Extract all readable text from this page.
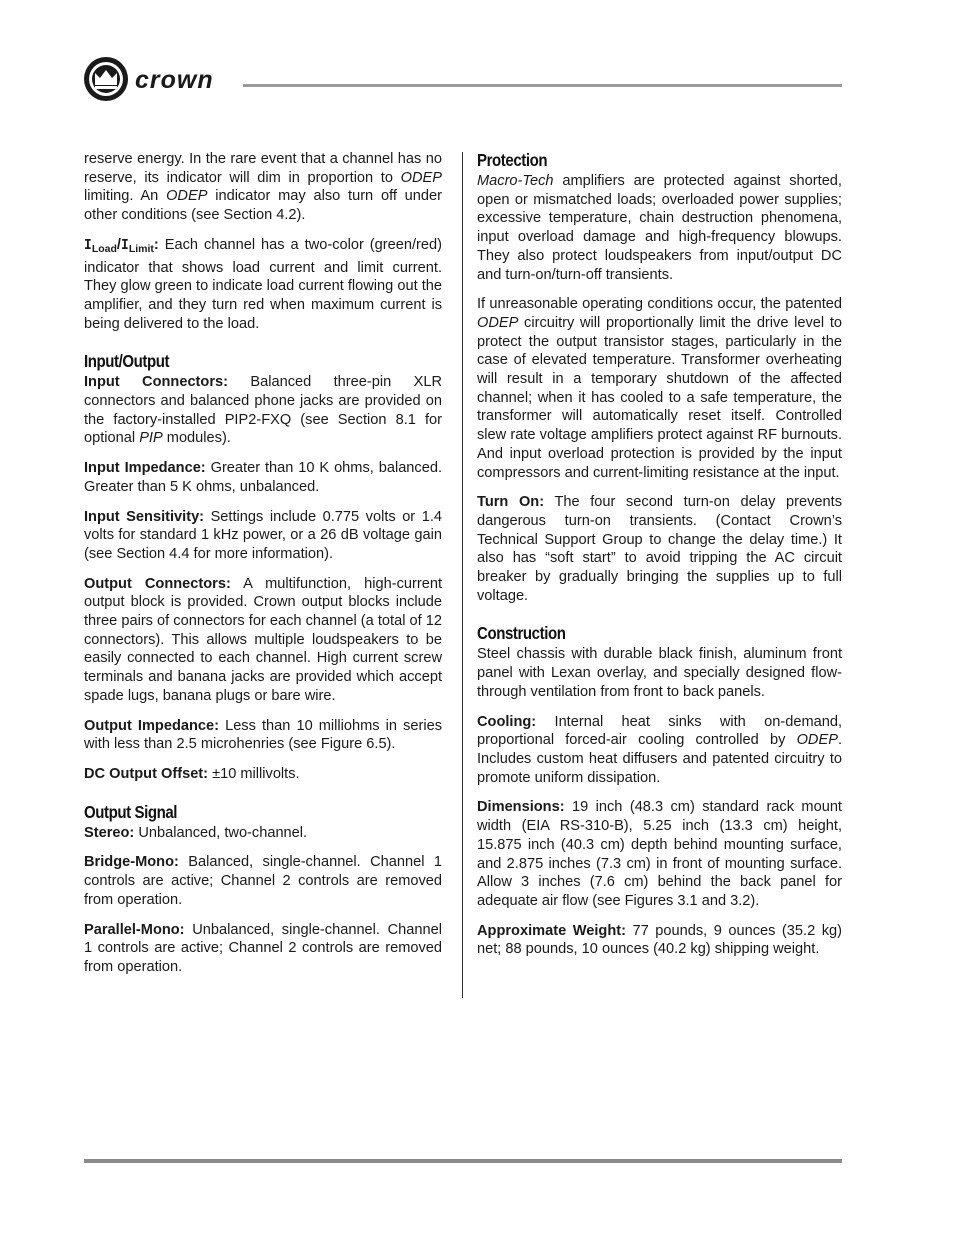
crown

reserve energy. In the rare event that a channel has no reserve, its indicator will dim in proportion to ODEP limiting. An ODEP indicator may also turn off under other conditions (see Section 4.2).

$I_{Load}/I_{Limit}$: Each channel has a two-color (green/red) indicator that shows load current and limit current. They glow green to indicate load current flowing out the amplifier, and they turn red when maximum current is being delivered to the load.

Input/Output

Input Connectors: Balanced three-pin XLR connectors and balanced phone jacks are provided on the factory-installed PIP2-FXQ (see Section 8.1 for optional PIP modules).

Input Impedance: Greater than 10 K ohms, balanced. Greater than 5 K ohms, unbalanced.

Input Sensitivity: Settings include 0.775 volts or 1.4 volts for standard 1 kHz power, or a 26 dB voltage gain (see Section 4.4 for more information).

Output Connectors: A multifunction, high-current output block is provided. Crown output blocks include three pairs of connectors for each channel (a total of 12 connectors). This allows multiple loudspeakers to be easily connected to each channel. High current screw terminals and banana jacks are provided which accept spade lugs, banana plugs or bare wire.

Output Impedance: Less than 10 milliohms in series with less than 2.5 microhenries (see Figure 6.5).

DC Output Offset: ±10 millivolts.

Output Signal

Stereo: Unbalanced, two-channel.

Bridge-Mono: Balanced, single-channel. Channel 1 controls are active; Channel 2 controls are removed from operation.

Parallel-Mono: Unbalanced, single-channel. Channel 1 controls are active; Channel 2 controls are removed from operation.

Protection

Macro-Tech amplifiers are protected against shorted, open or mismatched loads; overloaded power supplies; excessive temperature, chain destruction phenomena, input overload damage and high-frequency blowups. They also protect loudspeakers from input/output DC and turn-on/turn-off transients.

If unreasonable operating conditions occur, the patented ODEP circuitry will proportionally limit the drive level to protect the output transistor stages, particularly in the case of elevated temperature. Transformer overheating will result in a temporary shutdown of the affected channel; when it has cooled to a safe temperature, the transformer will automatically reset itself. Controlled slew rate voltage amplifiers protect against RF burnouts. And input overload protection is provided by the input compressors and current-limiting resistance at the input.

Turn On: The four second turn-on delay prevents dangerous turn-on transients. (Contact Crown’s Technical Support Group to change the delay time.) It also has “soft start” to avoid tripping the AC circuit breaker by gradually bringing the supplies up to full voltage.

Construction

Steel chassis with durable black finish, aluminum front panel with Lexan overlay, and specially designed flow-through ventilation from front to back panels.

Cooling: Internal heat sinks with on-demand, proportional forced-air cooling controlled by ODEP. Includes custom heat diffusers and patented circuitry to promote uniform dissipation.

Dimensions: 19 inch (48.3 cm) standard rack mount width (EIA RS-310-B), 5.25 inch (13.3 cm) height, 15.875 inch (40.3 cm) depth behind mounting surface, and 2.875 inches (7.3 cm) in front of mounting surface. Allow 3 inches (7.6 cm) behind the back panel for adequate air flow (see Figures 3.1 and 3.2).

Approximate Weight: 77 pounds, 9 ounces (35.2 kg) net; 88 pounds, 10 ounces (40.2 kg) shipping weight.
